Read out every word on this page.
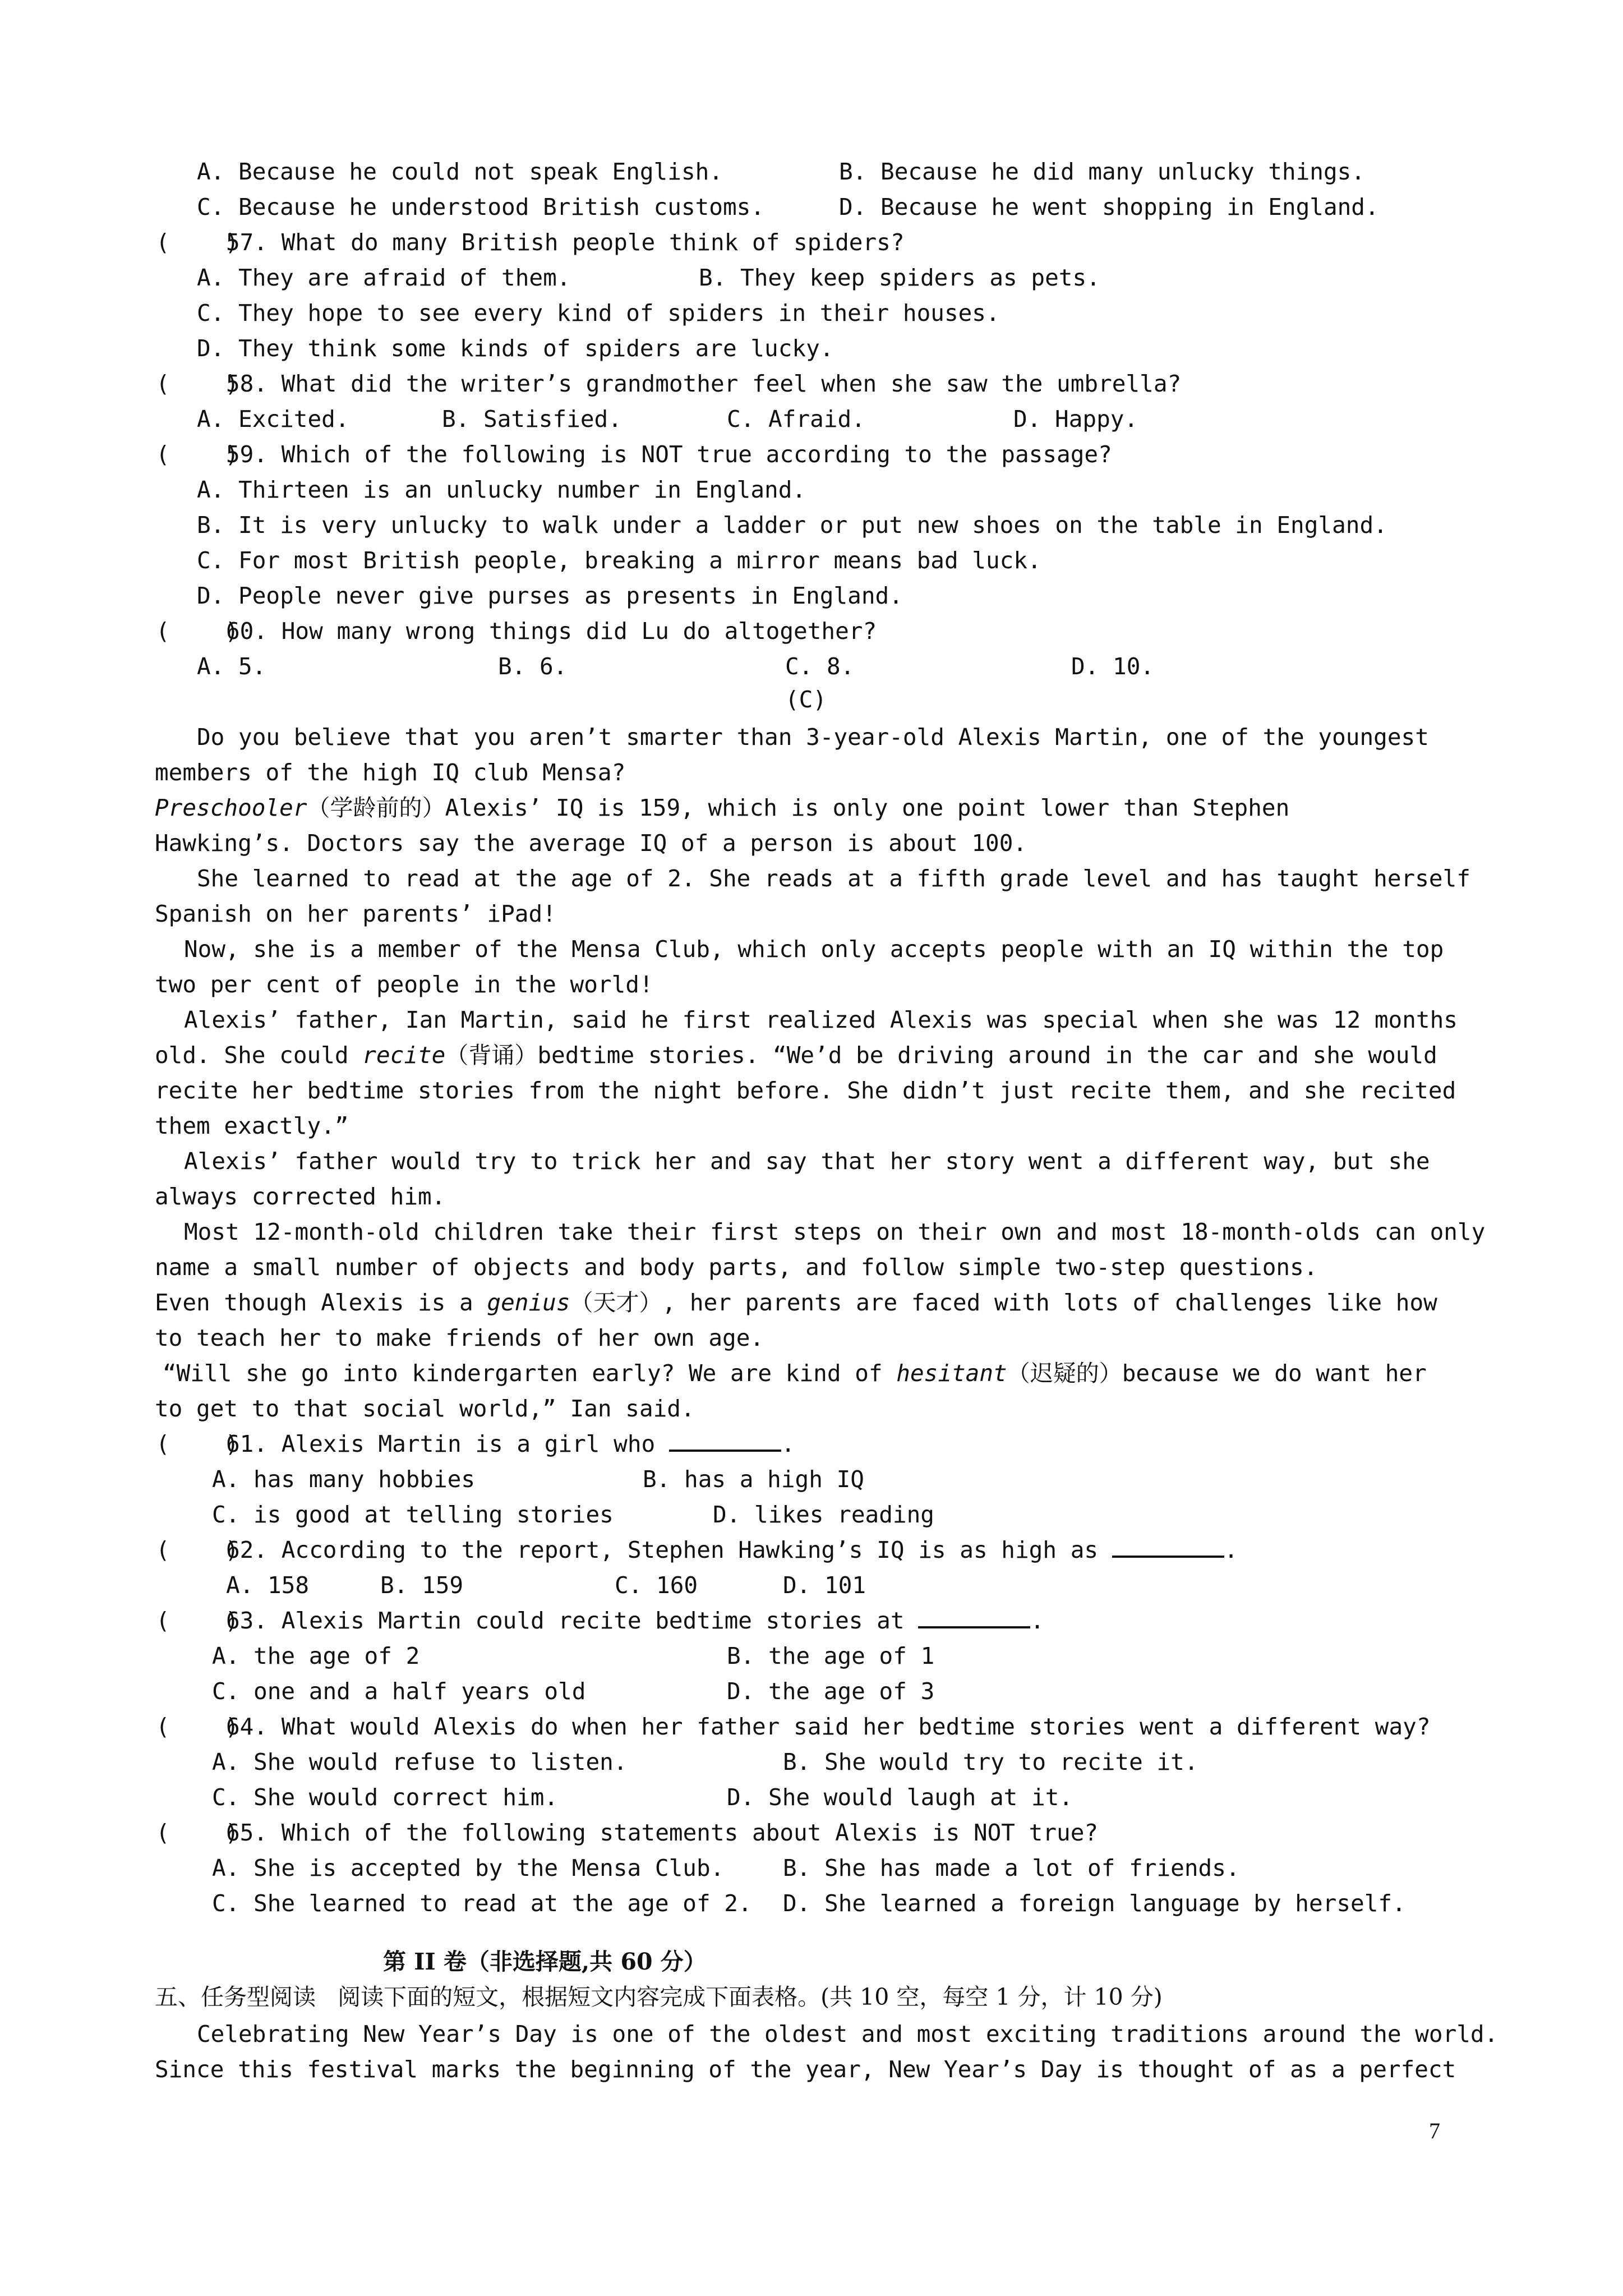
A. Because he could not speak English.	B. Because he did many unlucky things.
C. Because he understood British customs.	D. Because he went shopping in England.
(    )
57. What do many British people think of spiders?
A. They are afraid of them.	B. They keep spiders as pets.
C. They hope to see every kind of spiders in their houses.
D. They think some kinds of spiders are lucky.
(    )
58. What did the writer’s grandmother feel when she saw the umbrella?
A. Excited.	B. Satisfied.	C. Afraid.	D. Happy.
(    )
59. Which of the following is NOT true according to the passage?
A. Thirteen is an unlucky number in England.
B. It is very unlucky to walk under a ladder or put new shoes on the table in England.
C. For most British people, breaking a mirror means bad luck.
D. People never give purses as presents in England.
(    )
60. How many wrong things did Lu do altogether?
A. 5.	B. 6.	C. 8.	D. 10.
(C)
Do you believe that you aren’t smarter than 3-year-old Alexis Martin, one of the youngest
members of the high IQ club Mensa?
Preschooler（学龄前的）Alexis’ IQ is 159, which is only one point lower than Stephen
Hawking’s. Doctors say the average IQ of a person is about 100.
She learned to read at the age of 2. She reads at a fifth grade level and has taught herself
Spanish on her parents’ iPad!
Now, she is a member of the Mensa Club, which only accepts people with an IQ within the top
two per cent of people in the world!
Alexis’ father, Ian Martin, said he first realized Alexis was special when she was 12 months
old. She could recite（背诵）bedtime stories. “We’d be driving around in the car and she would
recite her bedtime stories from the night before. She didn’t just recite them, and she recited
them exactly.”
Alexis’ father would try to trick her and say that her story went a different way, but she
always corrected him.
Most 12-month-old children take their first steps on their own and most 18-month-olds can only
name a small number of objects and body parts, and follow simple two-step questions.
Even though Alexis is a genius（天才）, her parents are faced with lots of challenges like how
to teach her to make friends of her own age.
“Will she go into kindergarten early? We are kind of hesitant（迟疑的）because we do want her
to get to that social world,” Ian said.
(    )
61. Alexis Martin is a girl who	.
A. has many hobbies	B. has a high IQ
C. is good at telling stories	D. likes reading
(    )
62. According to the report, Stephen Hawking’s IQ is as high as	.
A. 158	B. 159	C. 160	D. 101
(    )
63. Alexis Martin could recite bedtime stories at	.
A. the age of 2	B. the age of 1
C. one and a half years old	D. the age of 3
(    )
64. What would Alexis do when her father said her bedtime stories went a different way?
A. She would refuse to listen.	B. She would try to recite it.
C. She would correct him.	D. She would laugh at it.
(    )
65. Which of the following statements about Alexis is NOT true?
A. She is accepted by the Mensa Club.	B. She has made a lot of friends.
C. She learned to read at the age of 2. D. She learned a foreign language by herself.
第 II 卷（非选择题,共 60 分）
五、任务型阅读   阅读下面的短文，根据短文内容完成下面表格。(共 10 空，每空 1 分，计 10 分)
Celebrating New Year’s Day is one of the oldest and most exciting traditions around the world.
Since this festival marks the beginning of the year, New Year’s Day is thought of as a perfect
7
